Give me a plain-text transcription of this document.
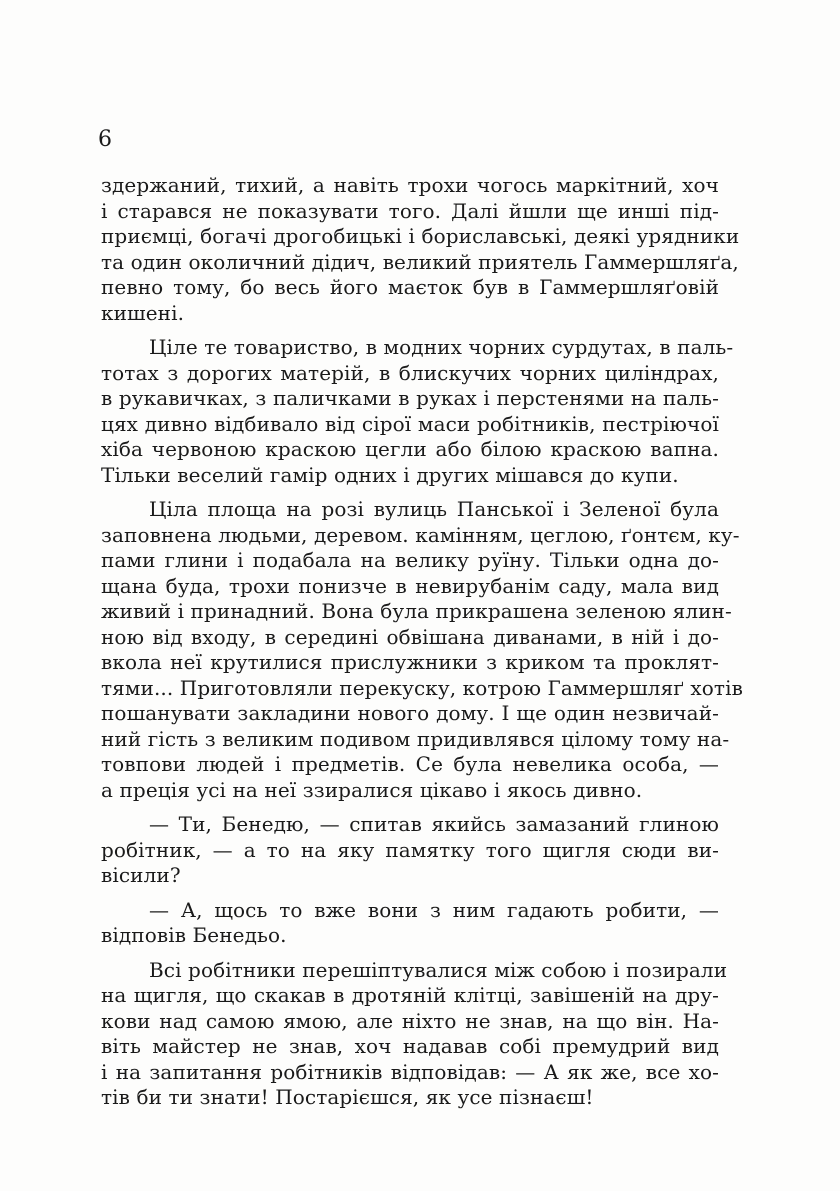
6
здержаний, тихий, а навіть трохи чогось маркітний, хоч
і старався не показувати того. Далі йшли ще инші під-
приємці, богачі дрогобицькі і бориславські, деякі урядники
та один околичний дідич, великий приятель Гаммершляґа,
певно тому, бо весь його маєток був в Гаммершляґовій
кишені.
Ціле те товариство, в модних чорних сурдутах, в паль-
тотах з дорогих матерій, в блискучих чорних циліндрах,
в рукавичках, з паличками в руках і перстенями на паль-
цях дивно відбивало від сірої маси робітників, пестріючої
хіба червоною краскою цегли або білою краскою вапна.
Тільки веселий гамір одних і других мішався до купи.
Ціла площа на розі вулиць Панської і Зеленої була
заповнена людьми, деревом. камінням, цеглою, ґонтєм, ку-
пами глини і подабала на велику руїну. Тільки одна до-
щана буда, трохи понизче в невирубанім саду, мала вид
живий і принадний. Вона була прикрашена зеленою ялин-
ною від входу, в середині обвішана диванами, в ній і до-
вкола неї крутилися прислужники з криком та проклят-
тями... Приготовляли перекуску, котрою Гаммершляґ хотів
пошанувати закладини нового дому. І ще один незвичай-
ний гість з великим подивом придивлявся цілому тому на-
товпови людей і предметів. Се була невелика особа, —
а преція усі на неї ззиралися цікаво і якось дивно.
— Ти, Бенедю, — спитав якийсь замазаний глиною
робітник, — а то на яку памятку того щигля сюди ви-
вісили?
— А, щось то вже вони з ним гадають робити, —
відповів Бенедьо.
Всі робітники перешіптувалися між собою і позирали
на щигля, що скакав в дротяній клітці, завішеній на дру-
кови над самою ямою, але ніхто не знав, на що він. На-
віть майстер не знав, хоч надавав собі премудрий вид
і на запитання робітників відповідав: — А як же, все хо-
тів би ти знати! Постарієшся, як усе пізнаєш!
